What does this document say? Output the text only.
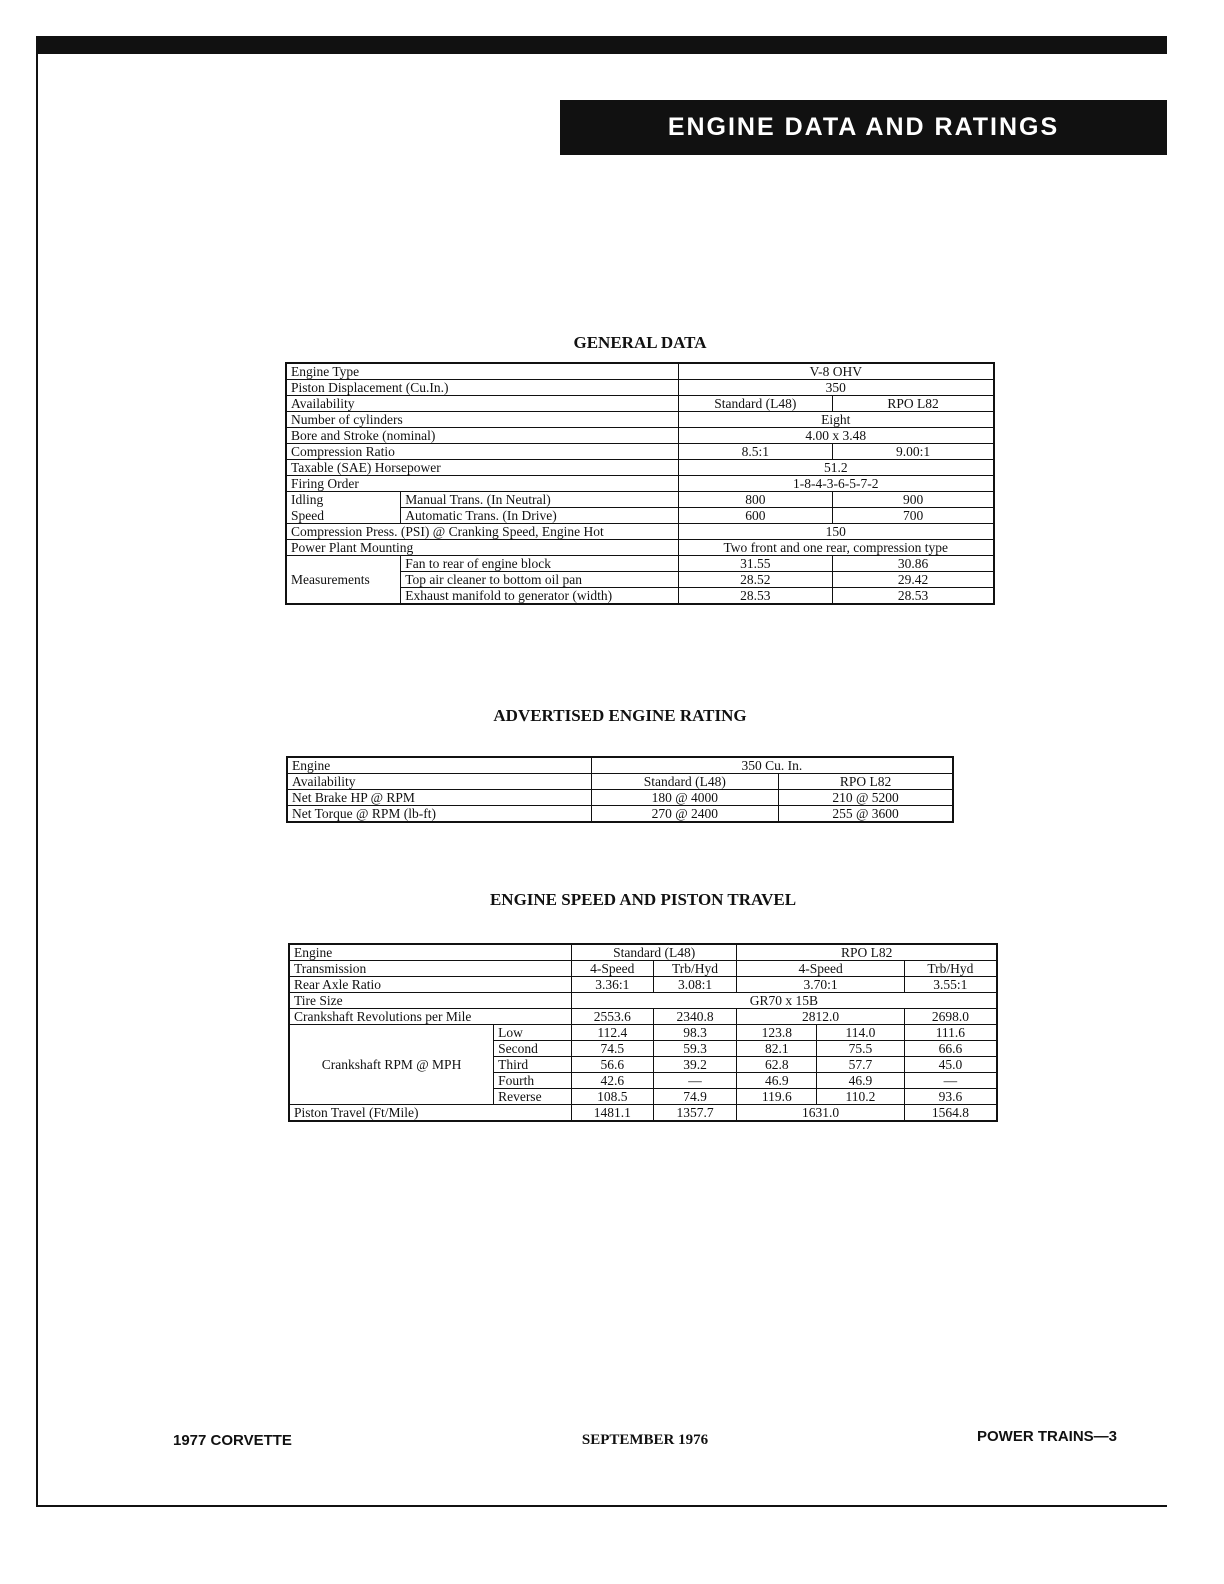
ENGINE DATA AND RATINGS
GENERAL DATA
Engine Type		V-8 OHV	
Piston Displacement (Cu.In.)		350	
Availability		Standard (L48)	RPO L82
Number of cylinders		Eight	
Bore and Stroke (nominal)		4.00 x 3.48	
Compression Ratio		8.5:1	9.00:1
Taxable (SAE) Horsepower		51.2	
Firing Order		1-8-4-3-6-5-7-2	
Idling	Manual Trans. (In Neutral)	800	900
Speed	Automatic Trans. (In Drive)	600	700
Compression Press. (PSI) @ Cranking Speed, Engine Hot		150	
Power Plant Mounting		Two front and one rear, compression type	
Measurements	Fan to rear of engine block	31.55	30.86
	Top air cleaner to bottom oil pan	28.52	29.42
	Exhaust manifold to generator (width)	28.53	28.53
ADVERTISED ENGINE RATING
Engine	350 Cu. In.	
Availability	Standard (L48)	RPO L82
Net Brake HP @ RPM	180 @ 4000	210 @ 5200
Net Torque @ RPM (lb-ft)	270 @ 2400	255 @ 3600
ENGINE SPEED AND PISTON TRAVEL
Engine		Standard (L48)		RPO L82		
Transmission		4-Speed	Trb/Hyd	4-Speed		Trb/Hyd
Rear Axle Ratio		3.36:1	3.08:1	3.70:1		3.55:1
Tire Size		GR70 x 15B				
Crankshaft Revolutions per Mile		2553.6	2340.8	2812.0		2698.0
Crankshaft RPM @ MPH	Low	112.4	98.3	123.8	114.0	111.6
	Second	74.5	59.3	82.1	75.5	66.6
	Third	56.6	39.2	62.8	57.7	45.0
	Fourth	42.6	—	46.9	46.9	—
	Reverse	108.5	74.9	119.6	110.2	93.6
Piston Travel (Ft/Mile)		1481.1	1357.7	1631.0		1564.8
1977 CORVETTE	SEPTEMBER 1976	POWER TRAINS—3
